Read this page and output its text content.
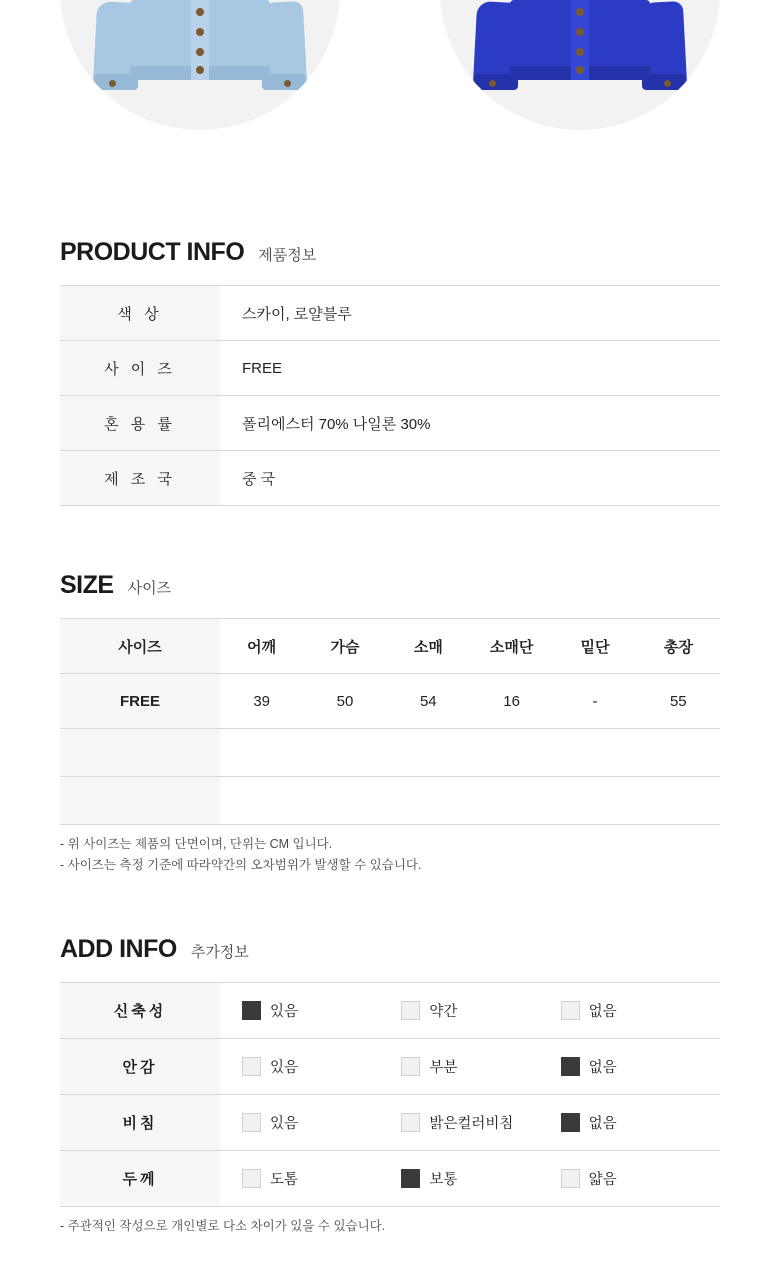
PRODUCT INFO 제품정보
색 상	스카이, 로얄블루
사 이 즈	FREE
혼 용 률	폴리에스터 70% 나일론 30%
제 조 국	중 국
SIZE 사이즈
사이즈	어깨	가슴	소매	소매단	밑단	총장
FREE	39	50	54	16	-	55

- 위 사이즈는 제품의 단면이며, 단위는 CM 입니다.
- 사이즈는 측정 기준에 따라약간의 오차범위가 발생할 수 있습니다.
ADD INFO 추가정보
신축성	있음 약간 없음

안감	있음 부분 없음

비침	있음 밝은컬러비침 없음

두께	도톰 보통 얇음
- 주관적인 작성으로 개인별로 다소 차이가 있을 수 있습니다.
